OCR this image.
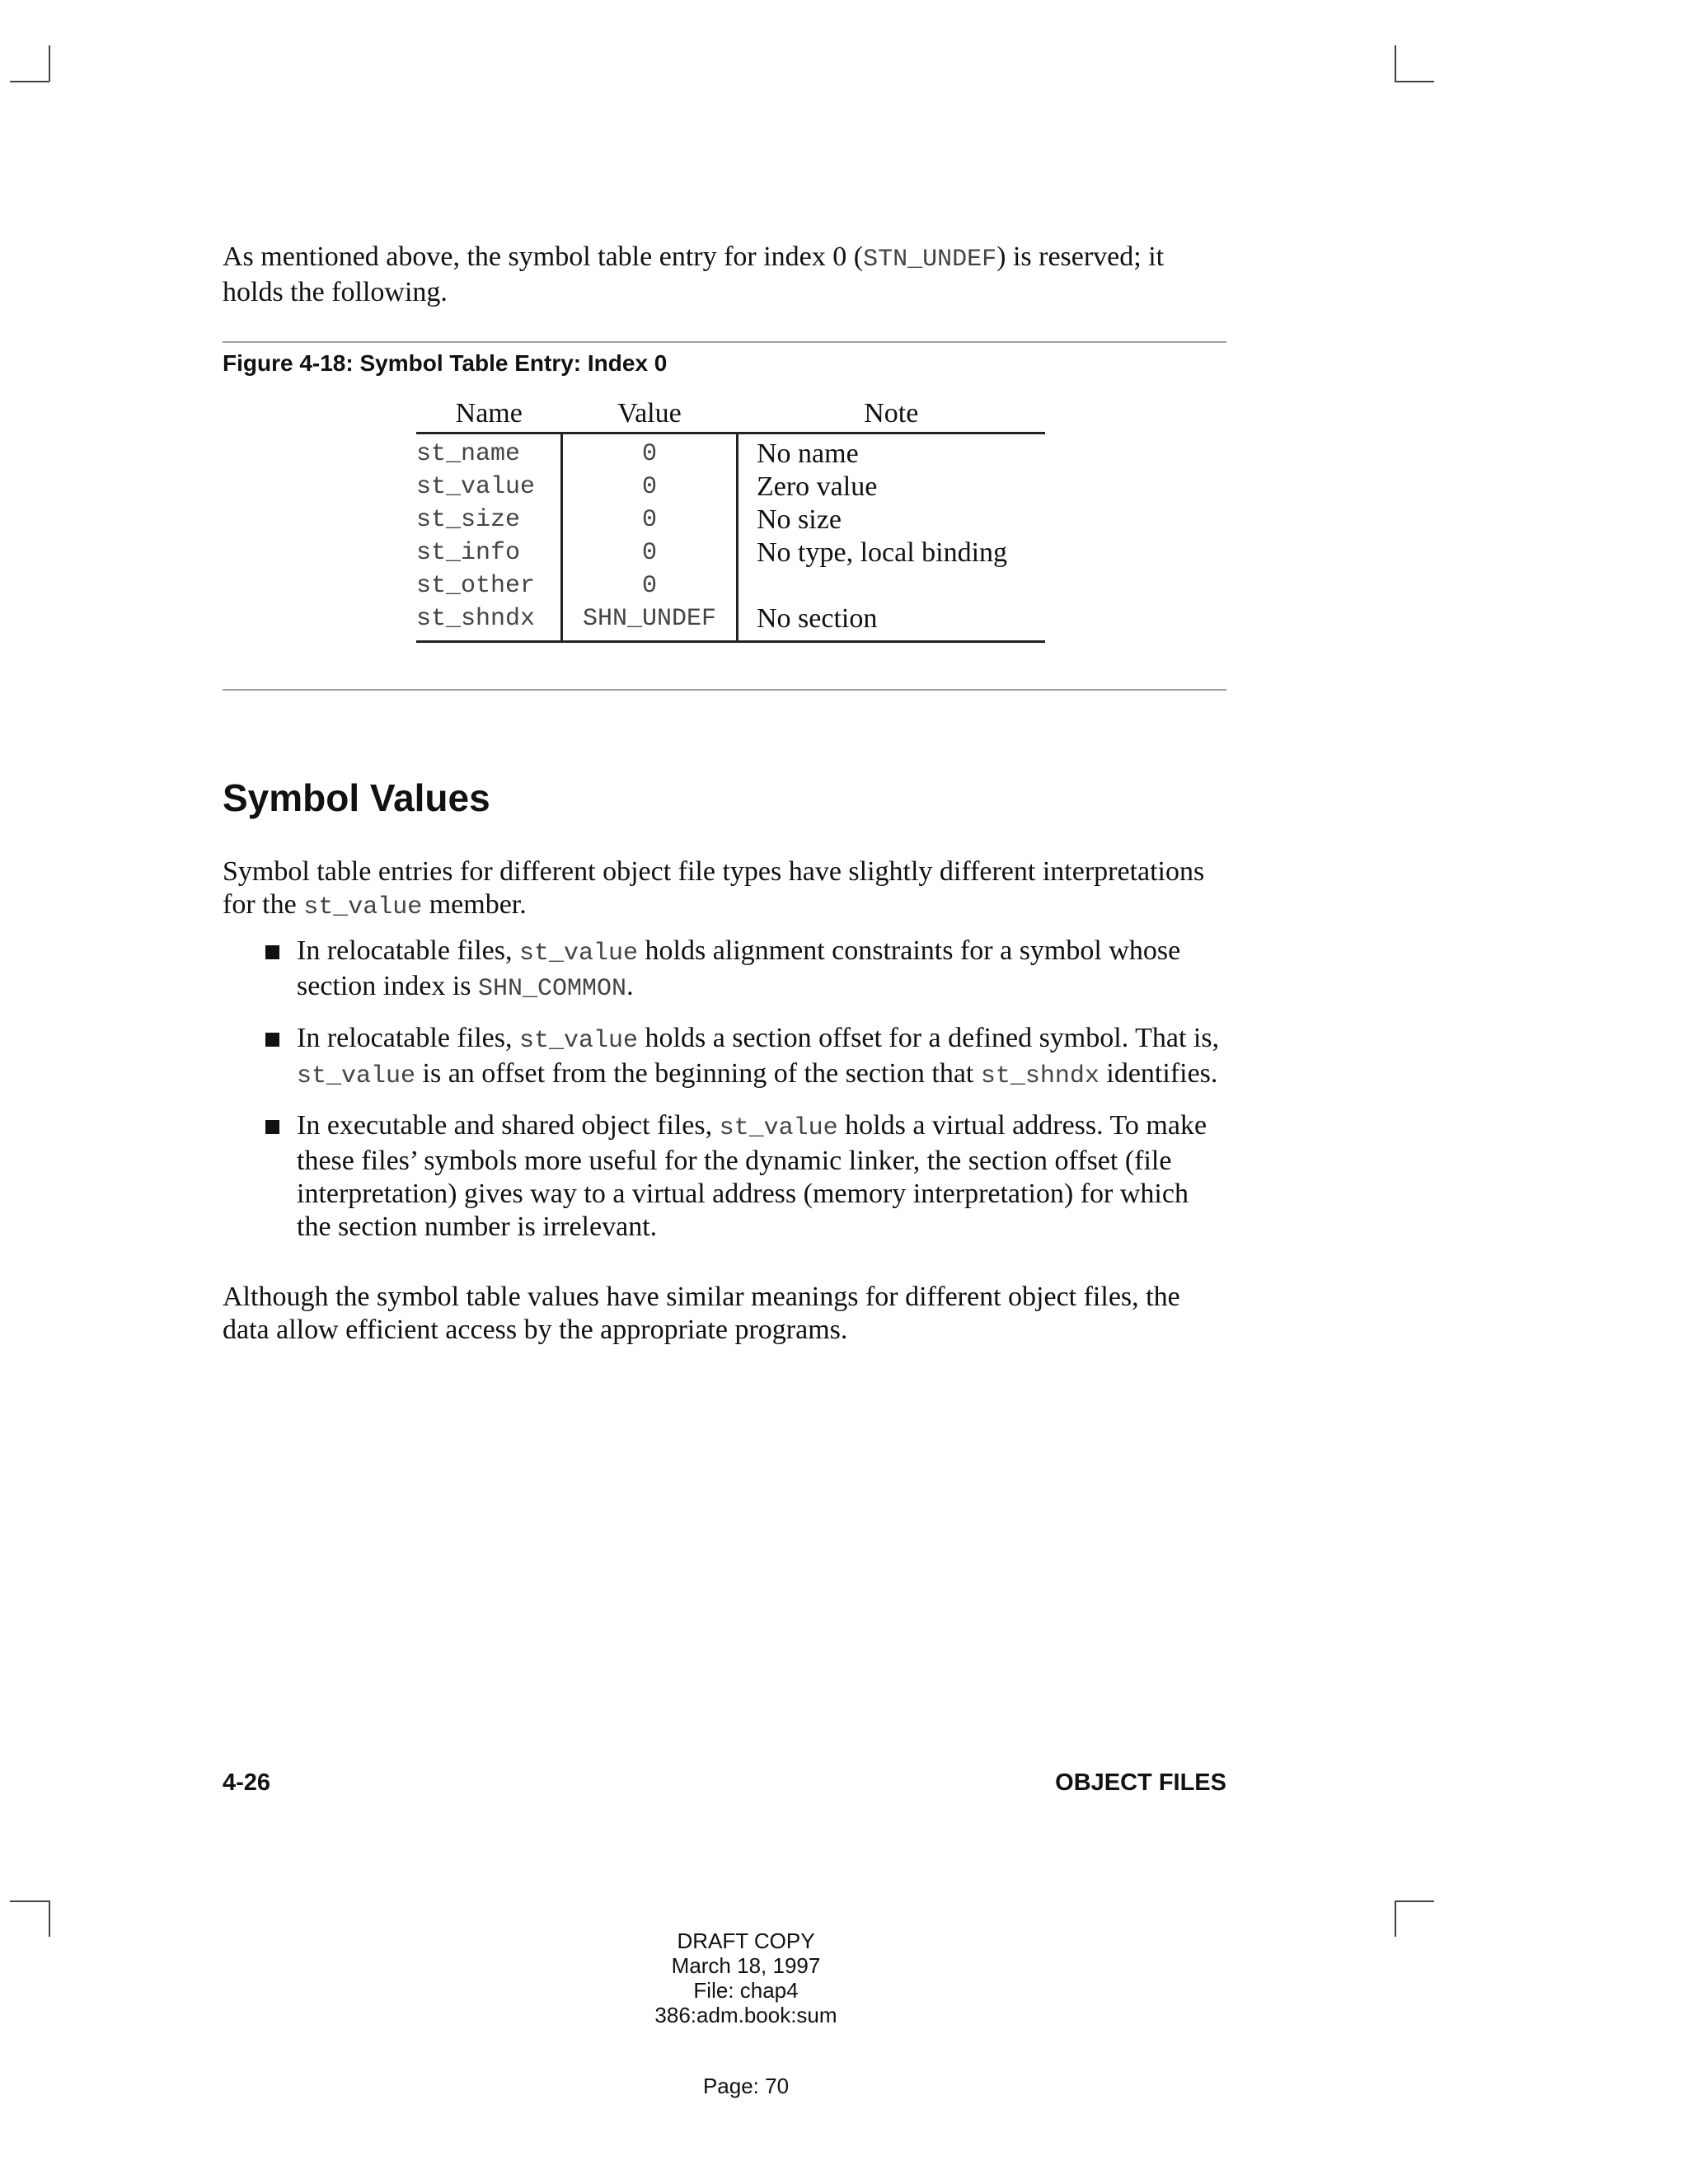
As mentioned above, the symbol table entry for index 0 (STN_UNDEF) is reserved; it holds the following.

Figure 4-18: Symbol Table Entry: Index 0
Name	Value	Note
st_name	0	No name
st_value	0	Zero value
st_size	0	No size
st_info	0	No type, local binding
st_other	0	
st_shndx	SHN_UNDEF	No section
Symbol Values

Symbol table entries for different object file types have slightly different interpretations for the st_value member.

In relocatable files, st_value holds alignment constraints for a symbol whose section index is SHN_COMMON.
In relocatable files, st_value holds a section offset for a defined symbol. That is, st_value is an offset from the beginning of the section that st_shndx identifies.
In executable and shared object files, st_value holds a virtual address. To make these files’ symbols more useful for the dynamic linker, the section offset (file interpretation) gives way to a virtual address (memory interpretation) for which the section number is irrelevant.

Although the symbol table values have similar meanings for different object files, the data allow efficient access by the appropriate programs.

4-26	OBJECT FILES
DRAFT COPY
March 18, 1997
File: chap4
386:adm.book:sum
Page: 70
